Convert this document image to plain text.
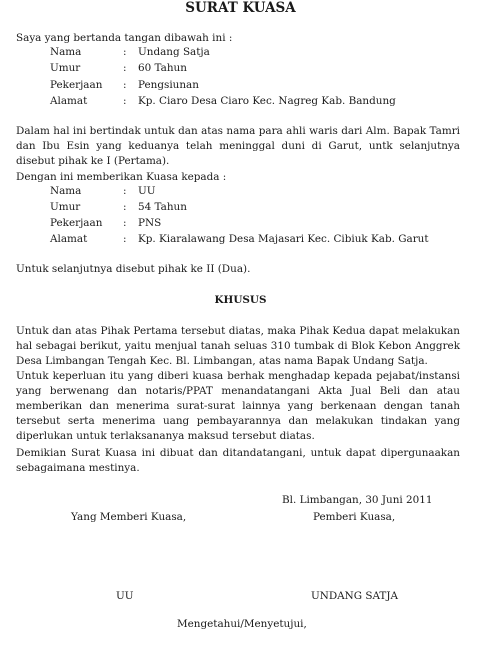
SURAT KUASA
Saya yang bertanda tangan dibawah ini :
Nama	: Undang Satja
Umur	: 60 Tahun
Pekerjaan : Pengsiunan
Alamat	: Kp. Ciaro Desa Ciaro Kec. Nagreg Kab. Bandung
Dalam hal ini bertindak untuk dan atas nama para ahli waris dari Alm. Bapak Tamri dan Ibu Esin yang keduanya telah meninggal duni di Garut, untk selanjutnya disebut pihak ke I (Pertama).
Dengan ini memberikan Kuasa kepada :
Nama	: UU
Umur	: 54 Tahun
Pekerjaan : PNS
Alamat	: Kp. Kiaralawang Desa Majasari Kec. Cibiuk Kab. Garut
Untuk selanjutnya disebut pihak ke II (Dua).
KHUSUS
Untuk dan atas Pihak Pertama tersebut diatas, maka Pihak Kedua dapat melakukan hal sebagai berikut, yaitu menjual tanah seluas 310 tumbak di Blok Kebon Anggrek Desa Limbangan Tengah Kec. Bl. Limbangan, atas nama Bapak Undang Satja.
Untuk keperluan itu yang diberi kuasa berhak menghadap kepada pejabat/instansi yang berwenang dan notaris/PPAT menandatangani Akta Jual Beli dan atau memberikan dan menerima surat-surat lainnya yang berkenaan dengan tanah tersebut serta menerima uang pembayarannya dan melakukan tindakan yang diperlukan untuk terlaksananya maksud tersebut diatas.
Demikian Surat Kuasa ini dibuat dan ditandatangani, untuk dapat dipergunaakan sebagaimana mestinya.
Bl. Limbangan, 30 Juni 2011
Yang Memberi Kuasa,	Pemberi Kuasa,
UU	UNDANG SATJA
Mengetahui/Menyetujui,
